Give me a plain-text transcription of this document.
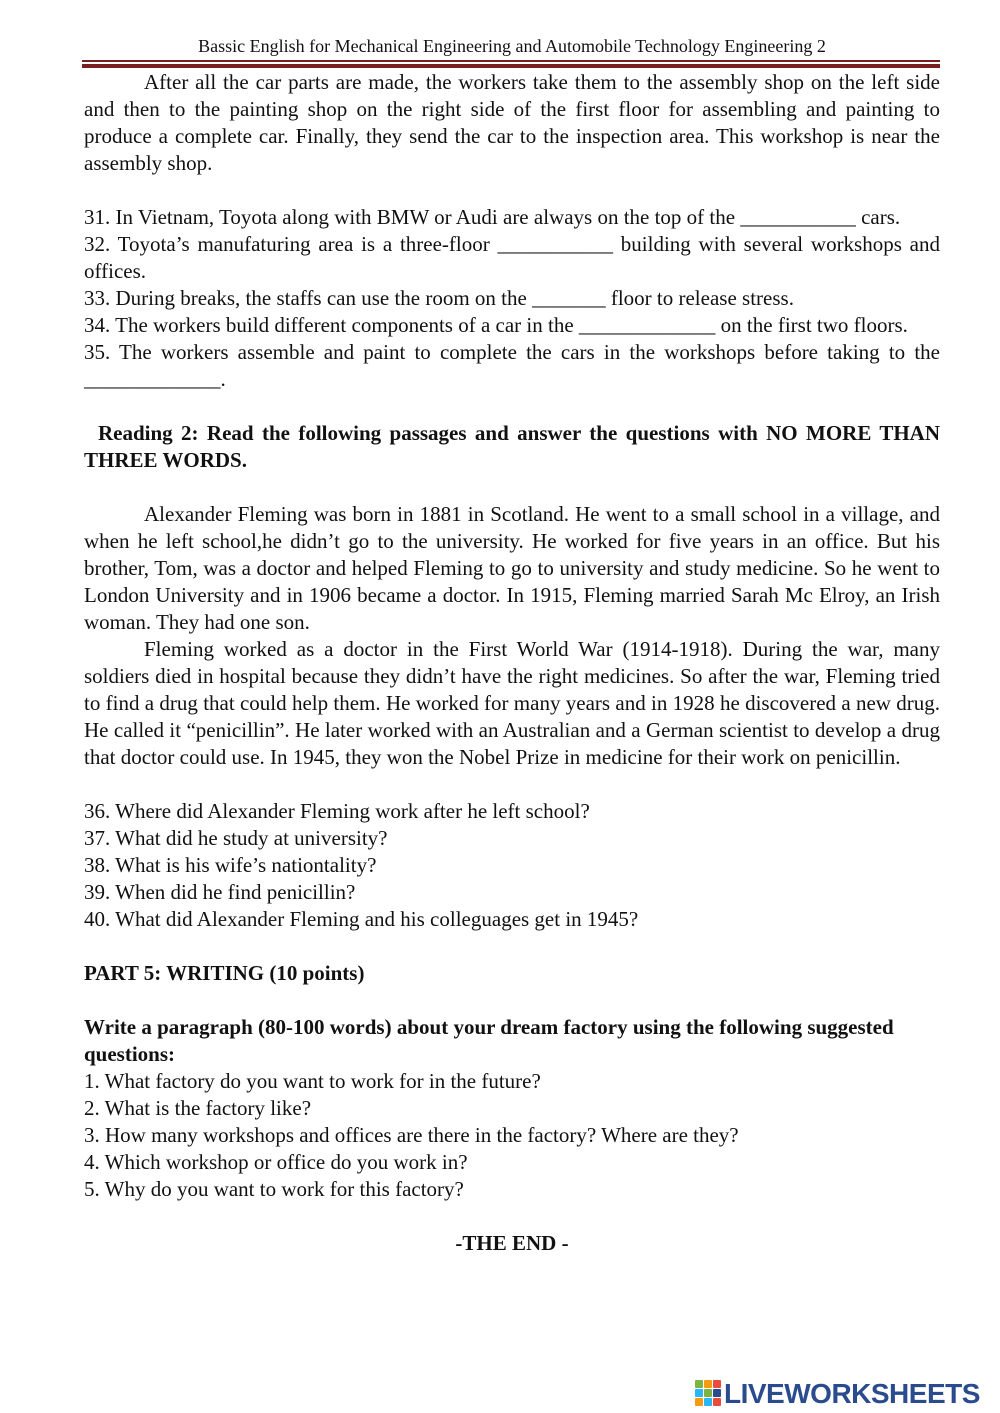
Bassic English for Mechanical Engineering and Automobile Technology Engineering 2

After all the car parts are made, the workers take them to the assembly shop on the left side and then to the painting shop on the right side of the first floor for assembling and painting to produce a complete car. Finally, they send the car to the inspection area. This workshop is near the assembly shop.

31. In Vietnam, Toyota along with BMW or Audi are always on the top of the ___________ cars.

32. Toyota’s manufaturing area is a three-floor ___________ building with several workshops and offices.

33. During breaks, the staffs can use the room on the _______ floor to release stress.

34. The workers build different components of a car in the _____________ on the first two floors.

35. The workers assemble and paint to complete the cars in the workshops before taking to the _____________.

Reading 2: Read the following passages and answer the questions with NO MORE THAN THREE WORDS.

Alexander Fleming was born in 1881 in Scotland. He went to a small school in a village, and when he left school,he didn’t go to the university. He worked for five years in an office. But his brother, Tom, was a doctor and helped Fleming to go to university and study medicine. So he went to London University and in 1906 became a doctor. In 1915, Fleming married Sarah Mc Elroy, an Irish woman. They had one son.

Fleming worked as a doctor in the First World War (1914-1918). During the war, many soldiers died in hospital because they didn’t have the right medicines. So after the war, Fleming tried to find a drug that could help them. He worked for many years and in 1928 he discovered a new drug. He called it “penicillin”. He later worked with an Australian and a German scientist to develop a drug that doctor could use. In 1945, they won the Nobel Prize in medicine for their work on penicillin.

36. Where did Alexander Fleming work after he left school?

37. What did he study at university?

38. What is his wife’s nationtality?

39. When did he find penicillin?

40. What did Alexander Fleming and his colleguages get in 1945?

PART 5: WRITING (10 points)

Write a paragraph (80-100 words) about your dream factory using the following suggested questions:

1. What factory do you want to work for in the future?

2. What is the factory like?

3. How many workshops and offices are there in the factory? Where are they?

4. Which workshop or office do you work in?

5. Why do you want to work for this factory?

-THE END -

LIVEWORKSHEETS
